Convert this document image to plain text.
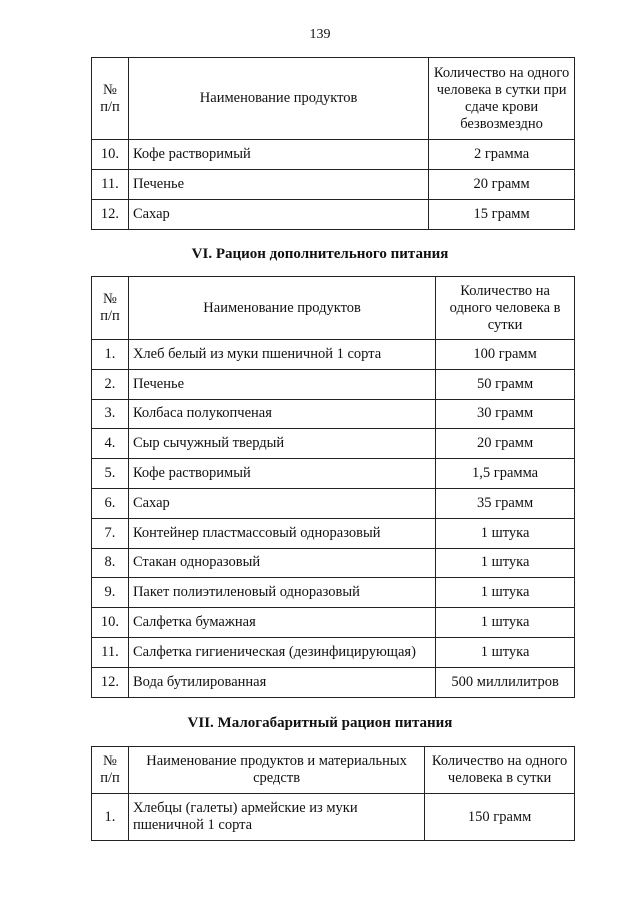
139
№ п/п	Наименование продуктов	Количество на одного человека в сутки при сдаче крови безвозмездно
10.	Кофе растворимый	2 грамма
11.	Печенье	20 грамм
12.	Сахар	15 грамм
VI. Рацион дополнительного питания
№ п/п	Наименование продуктов	Количество на одного человека в сутки
1.	Хлеб белый из муки пшеничной 1 сорта	100 грамм
2.	Печенье	50 грамм
3.	Колбаса полукопченая	30 грамм
4.	Сыр сычужный твердый	20 грамм
5.	Кофе растворимый	1,5 грамма
6.	Сахар	35 грамм
7.	Контейнер пластмассовый одноразовый	1 штука
8.	Стакан одноразовый	1 штука
9.	Пакет полиэтиленовый одноразовый	1 штука
10.	Салфетка бумажная	1 штука
11.	Салфетка гигиеническая (дезинфицирующая)	1 штука
12.	Вода бутилированная	500 миллилитров
VII. Малогабаритный рацион питания
№ п/п	Наименование продуктов и материальных средств	Количество на одного человека в сутки
1.	Хлебцы (галеты) армейские из муки пшеничной 1 сорта	150 грамм
